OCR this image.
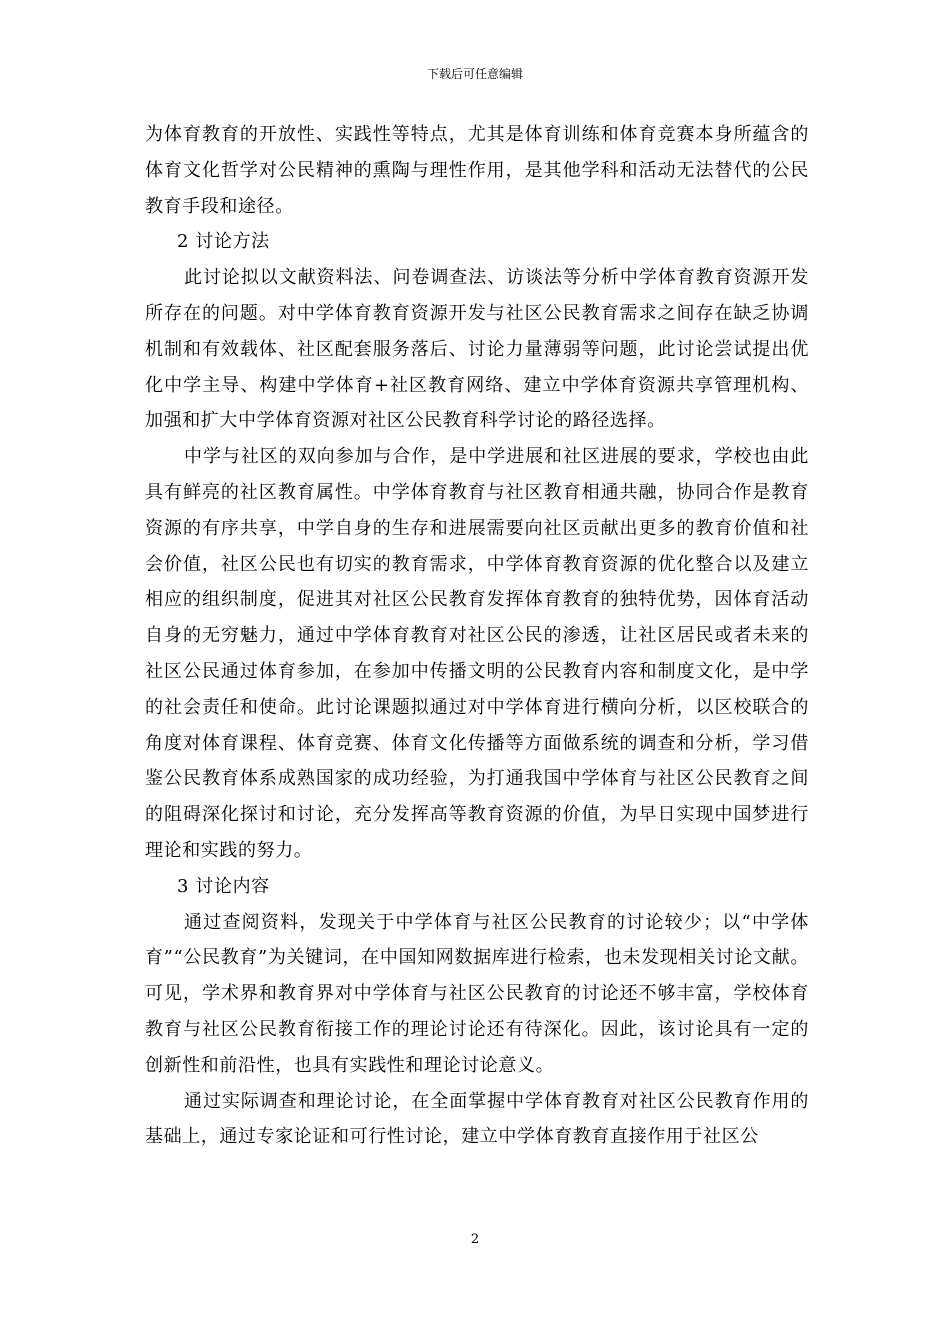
下载后可任意编辑

为体育教育的开放性、实践性等特点，尤其是体育训练和体育竞赛本身所蕴含的体育文化哲学对公民精神的熏陶与理性作用，是其他学科和活动无法替代的公民教育手段和途径。

2 讨论方法

此讨论拟以文献资料法、问卷调查法、访谈法等分析中学体育教育资源开发所存在的问题。对中学体育教育资源开发与社区公民教育需求之间存在缺乏协调机制和有效载体、社区配套服务落后、讨论力量薄弱等问题，此讨论尝试提出优化中学主导、构建中学体育+社区教育网络、建立中学体育资源共享管理机构、加强和扩大中学体育资源对社区公民教育科学讨论的路径选择。

中学与社区的双向参加与合作，是中学进展和社区进展的要求，学校也由此具有鲜亮的社区教育属性。中学体育教育与社区教育相通共融，协同合作是教育资源的有序共享，中学自身的生存和进展需要向社区贡献出更多的教育价值和社会价值，社区公民也有切实的教育需求，中学体育教育资源的优化整合以及建立相应的组织制度，促进其对社区公民教育发挥体育教育的独特优势，因体育活动自身的无穷魅力，通过中学体育教育对社区公民的渗透，让社区居民或者未来的社区公民通过体育参加，在参加中传播文明的公民教育内容和制度文化，是中学的社会责任和使命。此讨论课题拟通过对中学体育进行横向分析，以区校联合的角度对体育课程、体育竞赛、体育文化传播等方面做系统的调查和分析，学习借鉴公民教育体系成熟国家的成功经验，为打通我国中学体育与社区公民教育之间的阻碍深化探讨和讨论，充分发挥高等教育资源的价值，为早日实现中国梦进行理论和实践的努力。

3 讨论内容

通过查阅资料，发现关于中学体育与社区公民教育的讨论较少；以“中学体育”“公民教育”为关键词，在中国知网数据库进行检索，也未发现相关讨论文献。可见，学术界和教育界对中学体育与社区公民教育的讨论还不够丰富，学校体育教育与社区公民教育衔接工作的理论讨论还有待深化。因此，该讨论具有一定的创新性和前沿性，也具有实践性和理论讨论意义。

通过实际调查和理论讨论，在全面掌握中学体育教育对社区公民教育作用的基础上，通过专家论证和可行性讨论，建立中学体育教育直接作用于社区公

2
